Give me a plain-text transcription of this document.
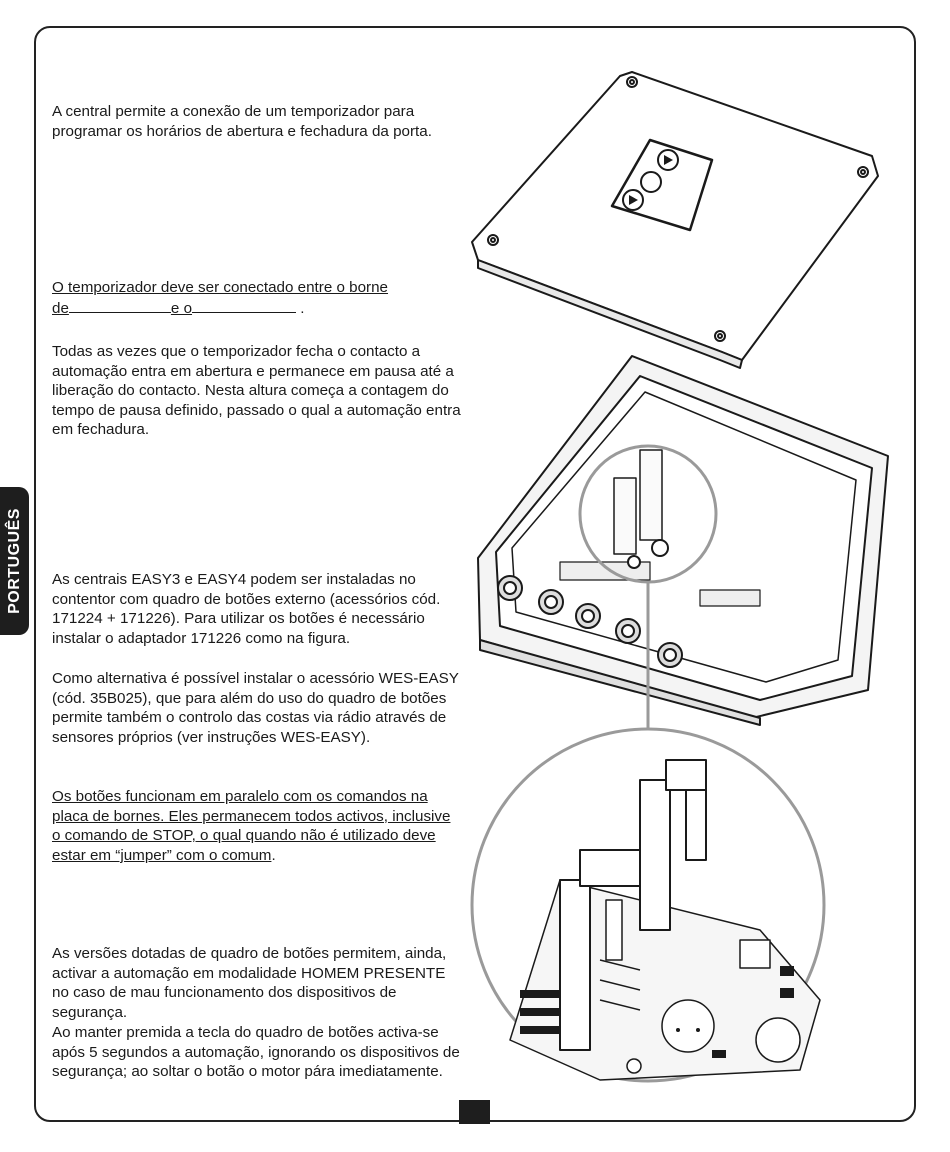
PORTUGUÊS

A central permite a conexão de um temporizador para programar os horários de abertura e fechadura da porta.

O temporizador deve ser conectado entre o borne

de	e o	.

Todas as vezes que o temporizador fecha o contacto a automação entra em abertura e permanece em pausa até a liberação do contacto. Nesta altura começa a contagem do tempo de pausa definido, passado o qual a automação entra em fechadura.

As centrais EASY3 e EASY4 podem ser instaladas no contentor com quadro de botões externo (acessórios cód. 171224 + 171226). Para utilizar os botões é necessário instalar o adaptador 171226 como na figura.

Como alternativa é possível instalar o acessório WES-EASY (cód. 35B025), que para além do uso do quadro de botões permite também o controlo das costas via rádio através de sensores próprios (ver instruções WES-EASY).

Os botões funcionam em paralelo com os comandos na placa de bornes. Eles permanecem todos activos, inclusive o comando de STOP, o qual quando não é utilizado deve estar em “jumper” com o comum.

As versões dotadas de quadro de botões permitem, ainda, activar a automação em modalidade HOMEM PRESENTE no caso de mau funcionamento dos dispositivos de segurança.

Ao manter premida a tecla do quadro de botões activa-se após 5 segundos a automação, ignorando os dispositivos de segurança; ao soltar o botão o motor pára imediatamente.
